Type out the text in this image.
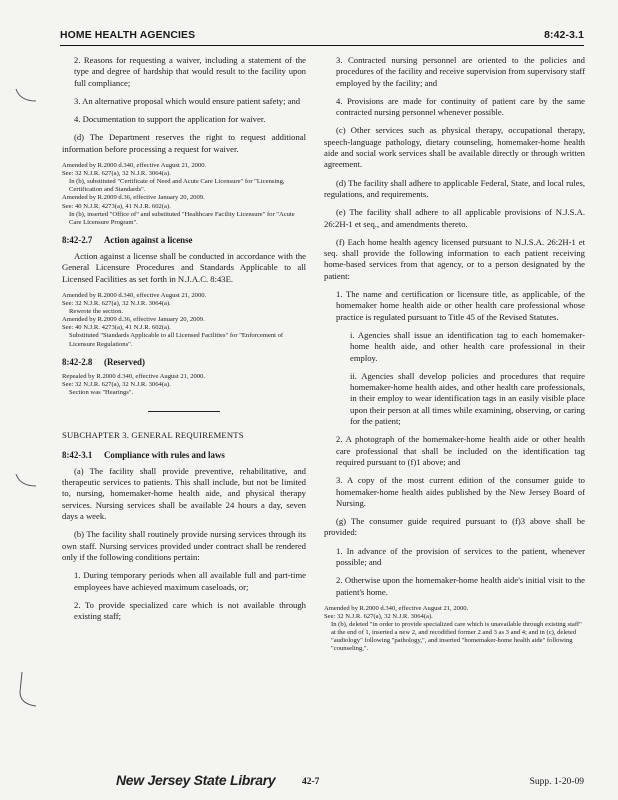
HOME HEALTH AGENCIES	8:42-3.1

2. Reasons for requesting a waiver, including a statement of the type and degree of hardship that would result to the facility upon full compliance;

3. An alternative proposal which would ensure patient safety; and

4. Documentation to support the application for waiver.

(d) The Department reserves the right to request additional information before processing a request for waiver.

Amended by R.2000 d.340, effective August 21, 2000.
See: 32 N.J.R. 627(a), 32 N.J.R. 3064(a).
In (b), substituted "Certificate of Need and Acute Care Licensure" for "Licensing, Certification and Standards".
Amended by R.2009 d.36, effective January 20, 2009.
See: 40 N.J.R. 4273(a), 41 N.J.R. 602(a).
In (b), inserted "Office of" and substituted "Healthcare Facility Licensure" for "Acute Care Licensure Program".

8:42-2.7 Action against a license

Action against a license shall be conducted in accordance with the General Licensure Procedures and Standards Applicable to all Licensed Facilities as set forth in N.J.A.C. 8:43E.

Amended by R.2000 d.340, effective August 21, 2000.
See: 32 N.J.R. 627(a), 32 N.J.R. 3064(a).
Rewrote the section.
Amended by R.2009 d.36, effective January 20, 2009.
See: 40 N.J.R. 4273(a), 41 N.J.R. 602(a).
Substituted "Standards Applicable to all Licensed Facilities" for "Enforcement of Licensure Regulations".

8:42-2.8 (Reserved)

Repealed by R.2000 d.340, effective August 21, 2000.
See: 32 N.J.R. 627(a), 32 N.J.R. 3064(a).
Section was "Hearings".

SUBCHAPTER 3. GENERAL REQUIREMENTS

8:42-3.1 Compliance with rules and laws

(a) The facility shall provide preventive, rehabilitative, and therapeutic services to patients. This shall include, but not be limited to, nursing, homemaker-home health aide, and physical therapy services. Nursing services shall be available 24 hours a day, seven days a week.

(b) The facility shall routinely provide nursing services through its own staff. Nursing services provided under contract shall be rendered only if the following conditions pertain:

1. During temporary periods when all available full and part-time employees have achieved maximum caseloads, or;

2. To provide specialized care which is not available through existing staff;

3. Contracted nursing personnel are oriented to the policies and procedures of the facility and receive supervision from supervisory staff employed by the facility; and

4. Provisions are made for continuity of patient care by the same contracted nursing personnel whenever possible.

(c) Other services such as physical therapy, occupational therapy, speech-language pathology, dietary counseling, homemaker-home health aide and social work services shall be available directly or through written agreement.

(d) The facility shall adhere to applicable Federal, State, and local rules, regulations, and requirements.

(e) The facility shall adhere to all applicable provisions of N.J.S.A. 26:2H-1 et seq., and amendments thereto.

(f) Each home health agency licensed pursuant to N.J.S.A. 26:2H-1 et seq. shall provide the following information to each patient receiving home-based services from that agency, or to a person designated by the patient:

1. The name and certification or licensure title, as applicable, of the homemaker home health aide or other health care professional whose practice is regulated pursuant to Title 45 of the Revised Statutes.

i. Agencies shall issue an identification tag to each homemaker-home health aide, and other health care professional in their employ.

ii. Agencies shall develop policies and procedures that require homemaker-home health aides, and other health care professionals, in their employ to wear identification tags in an easily visible place upon their person at all times while examining, observing, or caring for the patient;

2. A photograph of the homemaker-home health aide or other health care professional that shall be included on the identification tag required pursuant to (f)1 above; and

3. A copy of the most current edition of the consumer guide to homemaker-home health aides published by the New Jersey Board of Nursing.

(g) The consumer guide required pursuant to (f)3 above shall be provided:

1. In advance of the provision of services to the patient, whenever possible; and

2. Otherwise upon the homemaker-home health aide's initial visit to the patient's home.

Amended by R.2000 d.340, effective August 21, 2000.
See: 32 N.J.R. 627(a), 32 N.J.R. 3064(a).
In (b), deleted "in order to provide specialized care which is unavailable through existing staff" at the end of 1, inserted a new 2, and recodified former 2 and 3 as 3 and 4; and in (c), deleted "audiology" following "pathology,", and inserted "homemaker-home health aide" following "counseling,".
New Jersey State Library	42-7	Supp. 1-20-09
